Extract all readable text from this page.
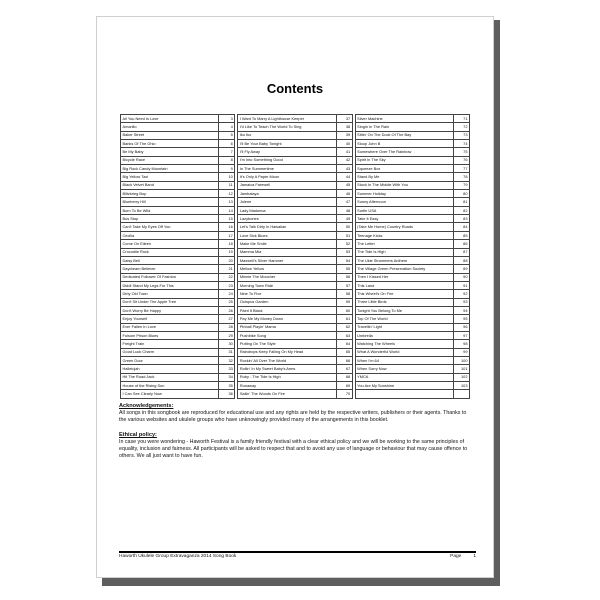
Contents
All You Need Is Love	3
Amarillo	4
Baker Street	5
Banks Of The Ohio	6
Be My Baby	7
Bicycle Race	8
Big Rock Candy Mountain	9
Big Yellow Taxi	10
Black Velvet Band	11
Blitzkrieg Bop	12
Blueberry Hill	13
Born To Be Wild	14
Bus Stop	15
Can't Take My Eyes Off You	16
Cecilia	17
Come On Eileen	18
Crocodile Rock	19
Daisy Bell	20
Daydream Believer	21
Dedicated Follower Of Fashion	22
Diddl Stand My Legs For This	23
Dirty Old Town	24
Don't Sit Under The Apple Tree	25
Don't Worry Be Happy	26
Enjoy Yourself	27
Ever Fallen In Love	28
Folsom Prison Blues	29
Freight Train	30
Good Luck Charm	31
Green Door	32
Hallelujah	33
Hit The Road Jack	34
House of the Rising Sun	35
I Can See Clearly Now	36
I Want To Marry A Lighthouse Keeper	37
I'd Like To Teach The World To Sing	38
Iko Iko	39
I'll Be Your Baby Tonight	40
I'll Fly Away	41
I'm Into Something Good	42
In The Summertime	43
It's Only A Paper Moon	44
Jamaica Farewell	45
Jambalaya	46
Jolene	47
Lady Madonna	48
Lazybones	49
Let's Talk Dirty In Hawaiian	50
Love Sick Blues	51
Make Me Smile	52
Mamma Mia	53
Maxwell's Silver Hammer	54
Mellow Yellow	55
Minnie The Moocher	56
Morning Town Ride	57
Nine To Five	58
Octopus Garden	59
Paint It Black	60
Pay Me My Money Down	61
Pinball Playin' Mama	62
Pushbike Song	63
Putting On The Style	64
Raindrops Keep Falling On My Head	65
Rockin' All Over The World	66
Rollin' In My Sweet Baby's Arms	67
Ruby - The Tide Is High	68
Runaway	69
Sailin' The Woods On Fire	70
Silver Machine	71
Singin In The Rain	72
Sittin' On The Dock Of The Bay	73
Sloop John B	74
Somewhere Over The Rainbow	75
Spirit In The Sky	76
Squeeze Box	77
Stand By Me	78
Stuck In The Middle With You	79
Summer Holiday	80
Sunny Afternoon	81
Surfin USA	82
Take It Easy	83
(Take Me Home) Country Roads	84
Teenage Kicks	85
The Letter	86
The Tide Is High	87
The Ukie Strummers Anthem	88
The Village Green Preservation Society	89
Then I Kissed Her	90
This Land	91
This Wheel's On Fire	92
Three Little Birds	93
Tonight You Belong To Me	94
Top Of The World	95
Travellin' Light	96
Umbrella	97
Watching The Wheels	98
What A Wonderful World	99
When I'm 64	100
When Sorry Now	101
YMCA	102
You Are My Sunshine	103

Acknowledgements:

All songs in this songbook are reproduced for educational use and any rights are held by the respective writers, publishers or their agents. Thanks to the various websites and ukulele groups who have unknowingly provided many of the arrangements in this booklet.

Ethical policy:

In case you were wondering - Haworth Festival is a family friendly festival with a clear ethical policy and we will be working to the same principles of equality, inclusion and fairness. All participants will be asked to respect that and to avoid any use of language or behaviour that may cause offence to others. We all just want to have fun.

Haworth Ukulele Group Extravaganza 2014 Song Book	Page	1
